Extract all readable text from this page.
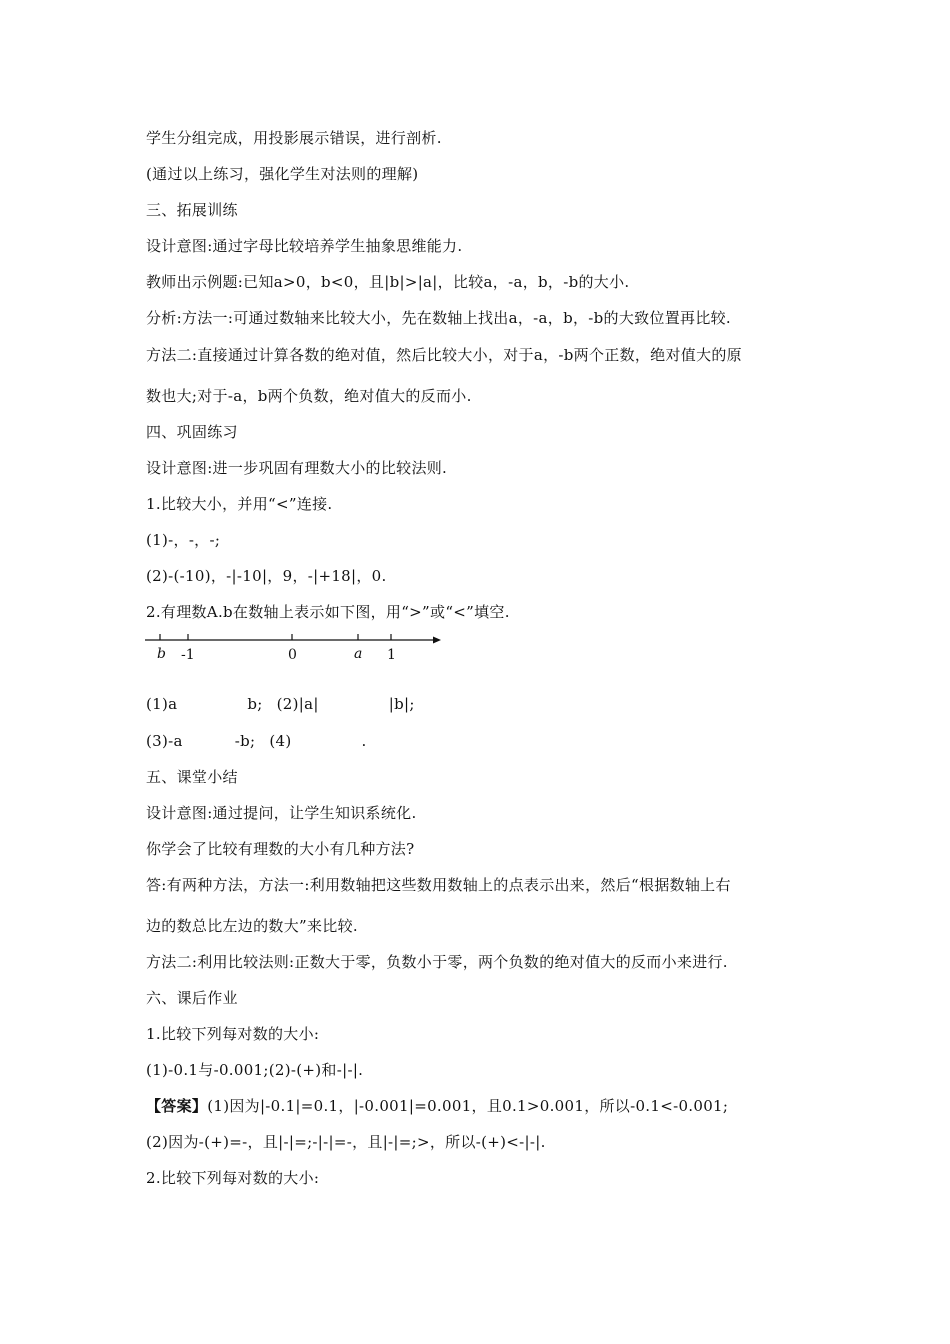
学生分组完成，用投影展示错误，进行剖析.
(通过以上练习，强化学生对法则的理解)
三、拓展训练
设计意图:通过字母比较培养学生抽象思维能力.
教师出示例题:已知a>0，b<0，且|b|>|a|，比较a，-a，b，-b的大小.
分析:方法一:可通过数轴来比较大小，先在数轴上找出a，-a，b，-b的大致位置再比较.
方法二:直接通过计算各数的绝对值，然后比较大小，对于a，-b两个正数，绝对值大的原
数也大;对于-a，b两个负数，绝对值大的反而小.
四、巩固练习
设计意图:进一步巩固有理数大小的比较法则.
1.比较大小，并用“<”连接.
(1)-，-，-;
(2)-(-10)，-|-10|，9，-|+18|，0.
2.有理数A.b在数轴上表示如下图，用“>”或“<”填空.
b -1	0	a 1
(1)a	b; (2)|a|	|b|;
(3)-a	-b; (4)	.
五、课堂小结
设计意图:通过提问，让学生知识系统化.
你学会了比较有理数的大小有几种方法?
答:有两种方法，方法一:利用数轴把这些数用数轴上的点表示出来，然后“根据数轴上右
边的数总比左边的数大”来比较.
方法二:利用比较法则:正数大于零，负数小于零，两个负数的绝对值大的反而小来进行.
六、课后作业
1.比较下列每对数的大小:
(1)-0.1与-0.001;(2)-(+)和-|-|.
【答案】(1)因为|-0.1|=0.1，|-0.001|=0.001，且0.1>0.001，所以-0.1<-0.001;
(2)因为-(+)=-，且|-|=;-|-|=-，且|-|=;>，所以-(+)<-|-|.
2.比较下列每对数的大小:
